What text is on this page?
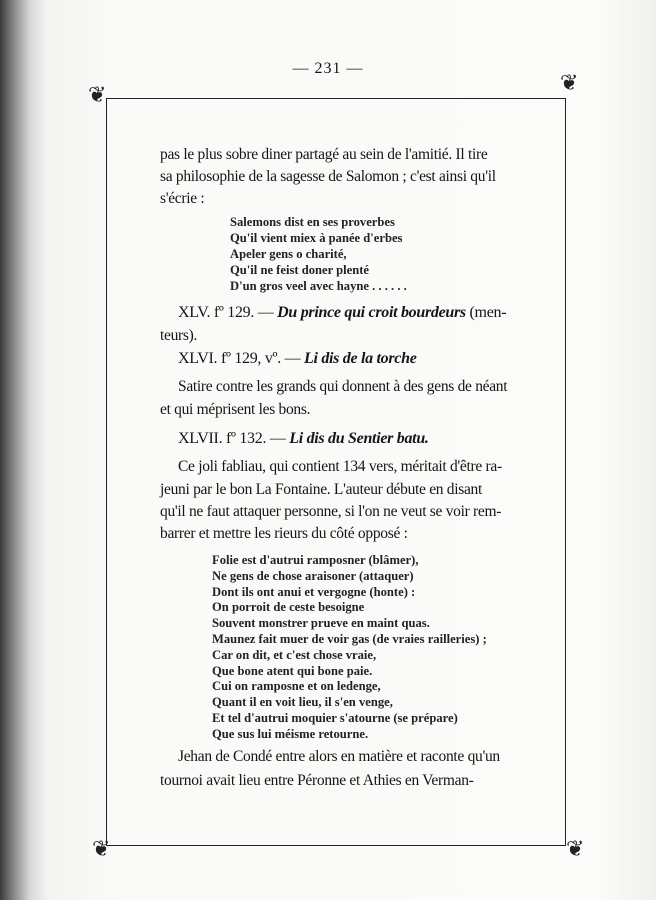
❦	❦
❦	❦
— 231 —
pas le plus sobre diner partagé au sein de l'amitié. Il tire
sa philosophie de la sagesse de Salomon ; c'est ainsi qu'il
s'écrie :
Salemons dist en ses proverbes
Qu'il vient miex à panée d'erbes
Apeler gens o charité,
Qu'il ne feist doner plenté
D'un gros veel avec hayne . . . . . .
XLV. fº 129. — Du prince qui croit bourdeurs (men-
teurs).
XLVI. fº 129, vº. — Li dis de la torche
Satire contre les grands qui donnent à des gens de néant
et qui méprisent les bons.
XLVII. fº 132. — Li dis du Sentier batu.
Ce joli fabliau, qui contient 134 vers, méritait d'être ra-
jeuni par le bon La Fontaine. L'auteur débute en disant
qu'il ne faut attaquer personne, si l'on ne veut se voir rem-
barrer et mettre les rieurs du côté opposé :
Folie est d'autrui ramposner (blâmer),
Ne gens de chose araisoner (attaquer)
Dont ils ont anui et vergogne (honte) :
On porroit de ceste besoigne
Souvent monstrer prueve en maint quas.
Maunez fait muer de voir gas (de vraies railleries) ;
Car on dit, et c'est chose vraie,
Que bone atent qui bone paie.
Cui on ramposne et on ledenge,
Quant il en voit lieu, il s'en venge,
Et tel d'autrui moquier s'atourne (se prépare)
Que sus lui méisme retourne.
Jehan de Condé entre alors en matière et raconte qu'un
tournoi avait lieu entre Péronne et Athies en Verman-
